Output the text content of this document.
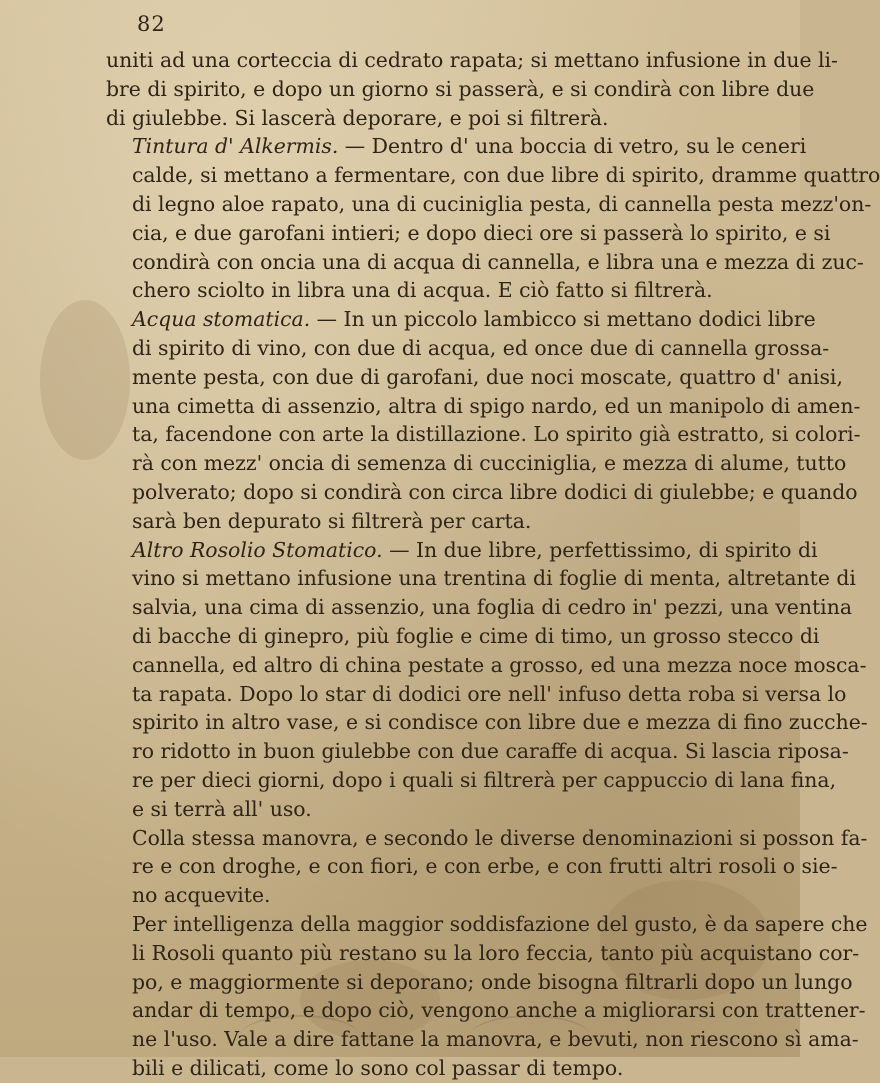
82

uniti ad una corteccia di cedrato rapata; si mettano infusione in due li-
bre di spirito, e dopo un giorno si passerà, e si condirà con libre due
di giulebbe. Si lascerà deporare, e poi si filtrerà.

Tintura d' Alkermis. — Dentro d' una boccia di vetro, su le ceneri
calde, si mettano a fermentare, con due libre di spirito, dramme quattro
di legno aloe rapato, una di cuciniglia pesta, di cannella pesta mezz'on-
cia, e due garofani intieri; e dopo dieci ore si passerà lo spirito, e si
condirà con oncia una di acqua di cannella, e libra una e mezza di zuc-
chero sciolto in libra una di acqua. E ciò fatto si filtrerà.

Acqua stomatica. — In un piccolo lambicco si mettano dodici libre
di spirito di vino, con due di acqua, ed once due di cannella grossa-
mente pesta, con due di garofani, due noci moscate, quattro d' anisi,
una cimetta di assenzio, altra di spigo nardo, ed un manipolo di amen-
ta, facendone con arte la distillazione. Lo spirito già estratto, si colori-
rà con mezz' oncia di semenza di cucciniglia, e mezza di alume, tutto
polverato; dopo si condirà con circa libre dodici di giulebbe; e quando
sarà ben depurato si filtrerà per carta.

Altro Rosolio Stomatico. — In due libre, perfettissimo, di spirito di
vino si mettano infusione una trentina di foglie di menta, altretante di
salvia, una cima di assenzio, una foglia di cedro in' pezzi, una ventina
di bacche di ginepro, più foglie e cime di timo, un grosso stecco di
cannella, ed altro di china pestate a grosso, ed una mezza noce mosca-
ta rapata. Dopo lo star di dodici ore nell' infuso detta roba si versa lo
spirito in altro vase, e si condisce con libre due e mezza di fino zucche-
ro ridotto in buon giulebbe con due caraffe di acqua. Si lascia riposa-
re per dieci giorni, dopo i quali si filtrerà per cappuccio di lana fina,
e si terrà all' uso.

Colla stessa manovra, e secondo le diverse denominazioni si posson fa-
re e con droghe, e con fiori, e con erbe, e con frutti altri rosoli o sie-
no acquevite.

Per intelligenza della maggior soddisfazione del gusto, è da sapere che
li Rosoli quanto più restano su la loro feccia, tanto più acquistano cor-
po, e maggiormente si deporano; onde bisogna filtrarli dopo un lungo
andar di tempo, e dopo ciò, vengono anche a migliorarsi con trattener-
ne l'uso. Vale a dire fattane la manovra, e bevuti, non riescono sì ama-
bili e dilicati, come lo sono col passar di tempo.
